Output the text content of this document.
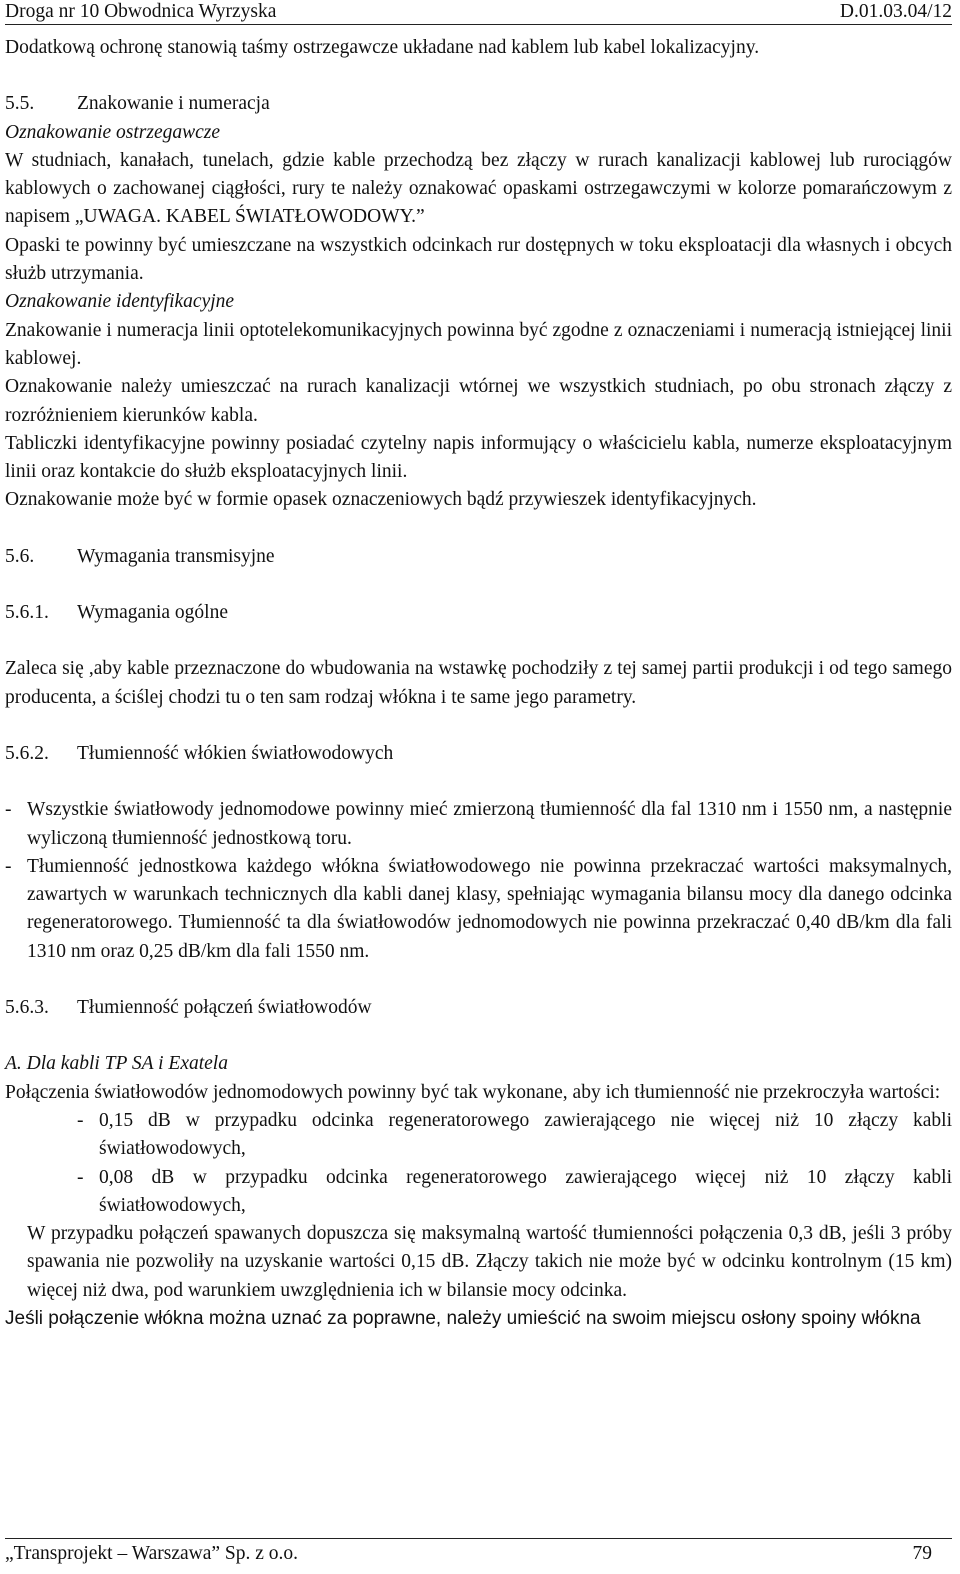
Droga nr 10 Obwodnica Wyrzyska	D.01.03.04/12

Dodatkową ochronę stanowią taśmy ostrzegawcze układane nad kablem lub kabel lokalizacyjny.

5.5.	Znakowanie i numeracja

Oznakowanie ostrzegawcze

W studniach, kanałach, tunelach, gdzie kable przechodzą bez złączy w rurach kanalizacji kablowej lub rurociągów kablowych o zachowanej ciągłości, rury te należy oznakować opaskami ostrzegawczymi w kolorze pomarańczowym z napisem „UWAGA. KABEL ŚWIATŁOWODOWY.”

Opaski te powinny być umieszczane na wszystkich odcinkach rur dostępnych w toku eksploatacji dla własnych i obcych służb utrzymania.

Oznakowanie identyfikacyjne

Znakowanie i numeracja linii optotelekomunikacyjnych powinna być zgodne z oznaczeniami i numeracją istniejącej linii kablowej.

Oznakowanie należy umieszczać na rurach kanalizacji wtórnej we wszystkich studniach, po obu stronach złączy z rozróżnieniem kierunków kabla.

Tabliczki identyfikacyjne powinny posiadać czytelny napis informujący o właścicielu kabla, numerze eksploatacyjnym linii oraz kontakcie do służb eksploatacyjnych linii.

Oznakowanie może być w formie opasek oznaczeniowych bądź przywieszek identyfikacyjnych.

5.6.	Wymagania transmisyjne
5.6.1.	Wymagania ogólne

Zaleca się ,aby kable przeznaczone do wbudowania na wstawkę pochodziły z tej samej partii produkcji i od tego samego producenta, a ściślej chodzi tu o ten sam rodzaj włókna i te same jego parametry.

5.6.2.	Tłumienność włókien światłowodowych
- Wszystkie światłowody jednomodowe powinny mieć zmierzoną tłumienność dla fal 1310 nm i 1550 nm, a następnie wyliczoną tłumienność jednostkową toru.
- Tłumienność jednostkowa każdego włókna światłowodowego nie powinna przekraczać wartości maksymalnych, zawartych w warunkach technicznych dla kabli danej klasy, spełniając wymagania bilansu mocy dla danego odcinka regeneratorowego. Tłumienność ta dla światłowodów jednomodowych nie powinna przekraczać 0,40 dB/km dla fali 1310 nm oraz 0,25 dB/km dla fali 1550 nm.
5.6.3.	Tłumienność połączeń światłowodów

A. Dla kabli TP SA i Exatela

Połączenia światłowodów jednomodowych powinny być tak wykonane, aby ich tłumienność nie przekroczyła wartości:

- 0,15 dB w przypadku odcinka regeneratorowego zawierającego nie więcej niż 10 złączy kabli światłowodowych,
- 0,08 dB w przypadku odcinka regeneratorowego zawierającego więcej niż 10 złączy kabli światłowodowych,

W przypadku połączeń spawanych dopuszcza się maksymalną wartość tłumienności połączenia 0,3 dB, jeśli 3 próby spawania nie pozwoliły na uzyskanie wartości 0,15 dB. Złączy takich nie może być w odcinku kontrolnym (15 km) więcej niż dwa, pod warunkiem uwzględnienia ich w bilansie mocy odcinka.

Jeśli połączenie włókna można uznać za poprawne, należy umieścić na swoim miejscu osłony spoiny włókna

„Transprojekt – Warszawa” Sp. z o.o.	79
